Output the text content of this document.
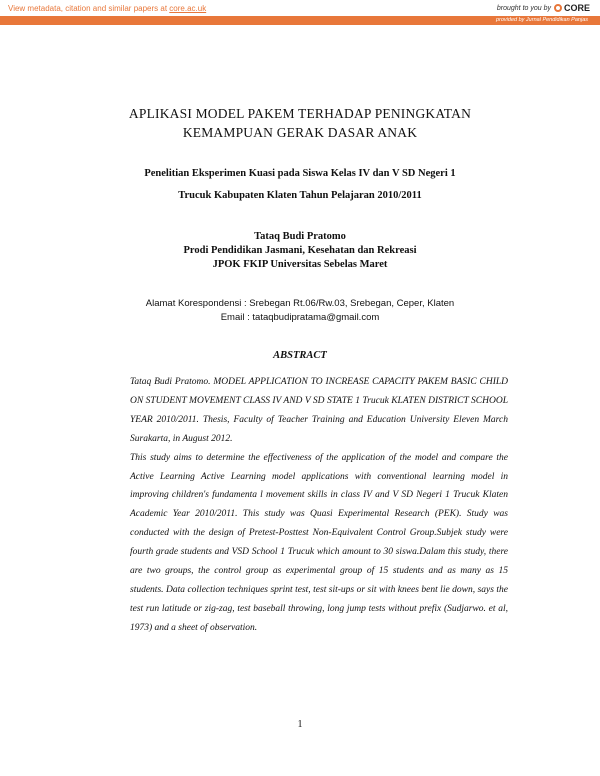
View metadata, citation and similar papers at core.ac.uk	brought to you by CORE
provided by Jurnal Pendidikan Panjas
APLIKASI MODEL PAKEM TERHADAP PENINGKATAN
KEMAMPUAN GERAK DASAR ANAK
Penelitian Eksperimen Kuasi pada Siswa Kelas IV dan V SD Negeri 1
Trucuk Kabupaten Klaten Tahun Pelajaran 2010/2011
Tataq Budi Pratomo
Prodi Pendidikan Jasmani, Kesehatan dan Rekreasi
JPOK FKIP Universitas Sebelas Maret
Alamat Korespondensi : Srebegan Rt.06/Rw.03, Srebegan, Ceper, Klaten
Email : tataqbudipratama@gmail.com
ABSTRACT

Tataq Budi Pratomo. MODEL APPLICATION TO INCREASE CAPACITY PAKEM BASIC CHILD ON STUDENT MOVEMENT CLASS IV AND V SD STATE 1 Trucuk KLATEN DISTRICT SCHOOL YEAR 2010/2011. Thesis, Faculty of Teacher Training and Education University Eleven March Surakarta, in August 2012.

This study aims to determine the effectiveness of the application of the model and compare the Active Learning Active Learning model applications with conventional learning model in improving children's fundamenta l movement skills in class IV and V SD Negeri 1 Trucuk Klaten Academic Year 2010/2011. This study was Quasi Experimental Research (PEK). Study was conducted with the design of Pretest-Posttest Non-Equivalent Control Group.Subjek study were fourth grade students and VSD School 1 Trucuk which amount to 30 siswa.Dalam this study, there are two groups, the control group as experimental group of 15 students and as many as 15 students. Data collection techniques sprint test, test sit-ups or sit with knees bent lie down, says the test run latitude or zig-zag, test baseball throwing, long jump tests without prefix (Sudjarwo. et al, 1973) and a sheet of observation.

1
